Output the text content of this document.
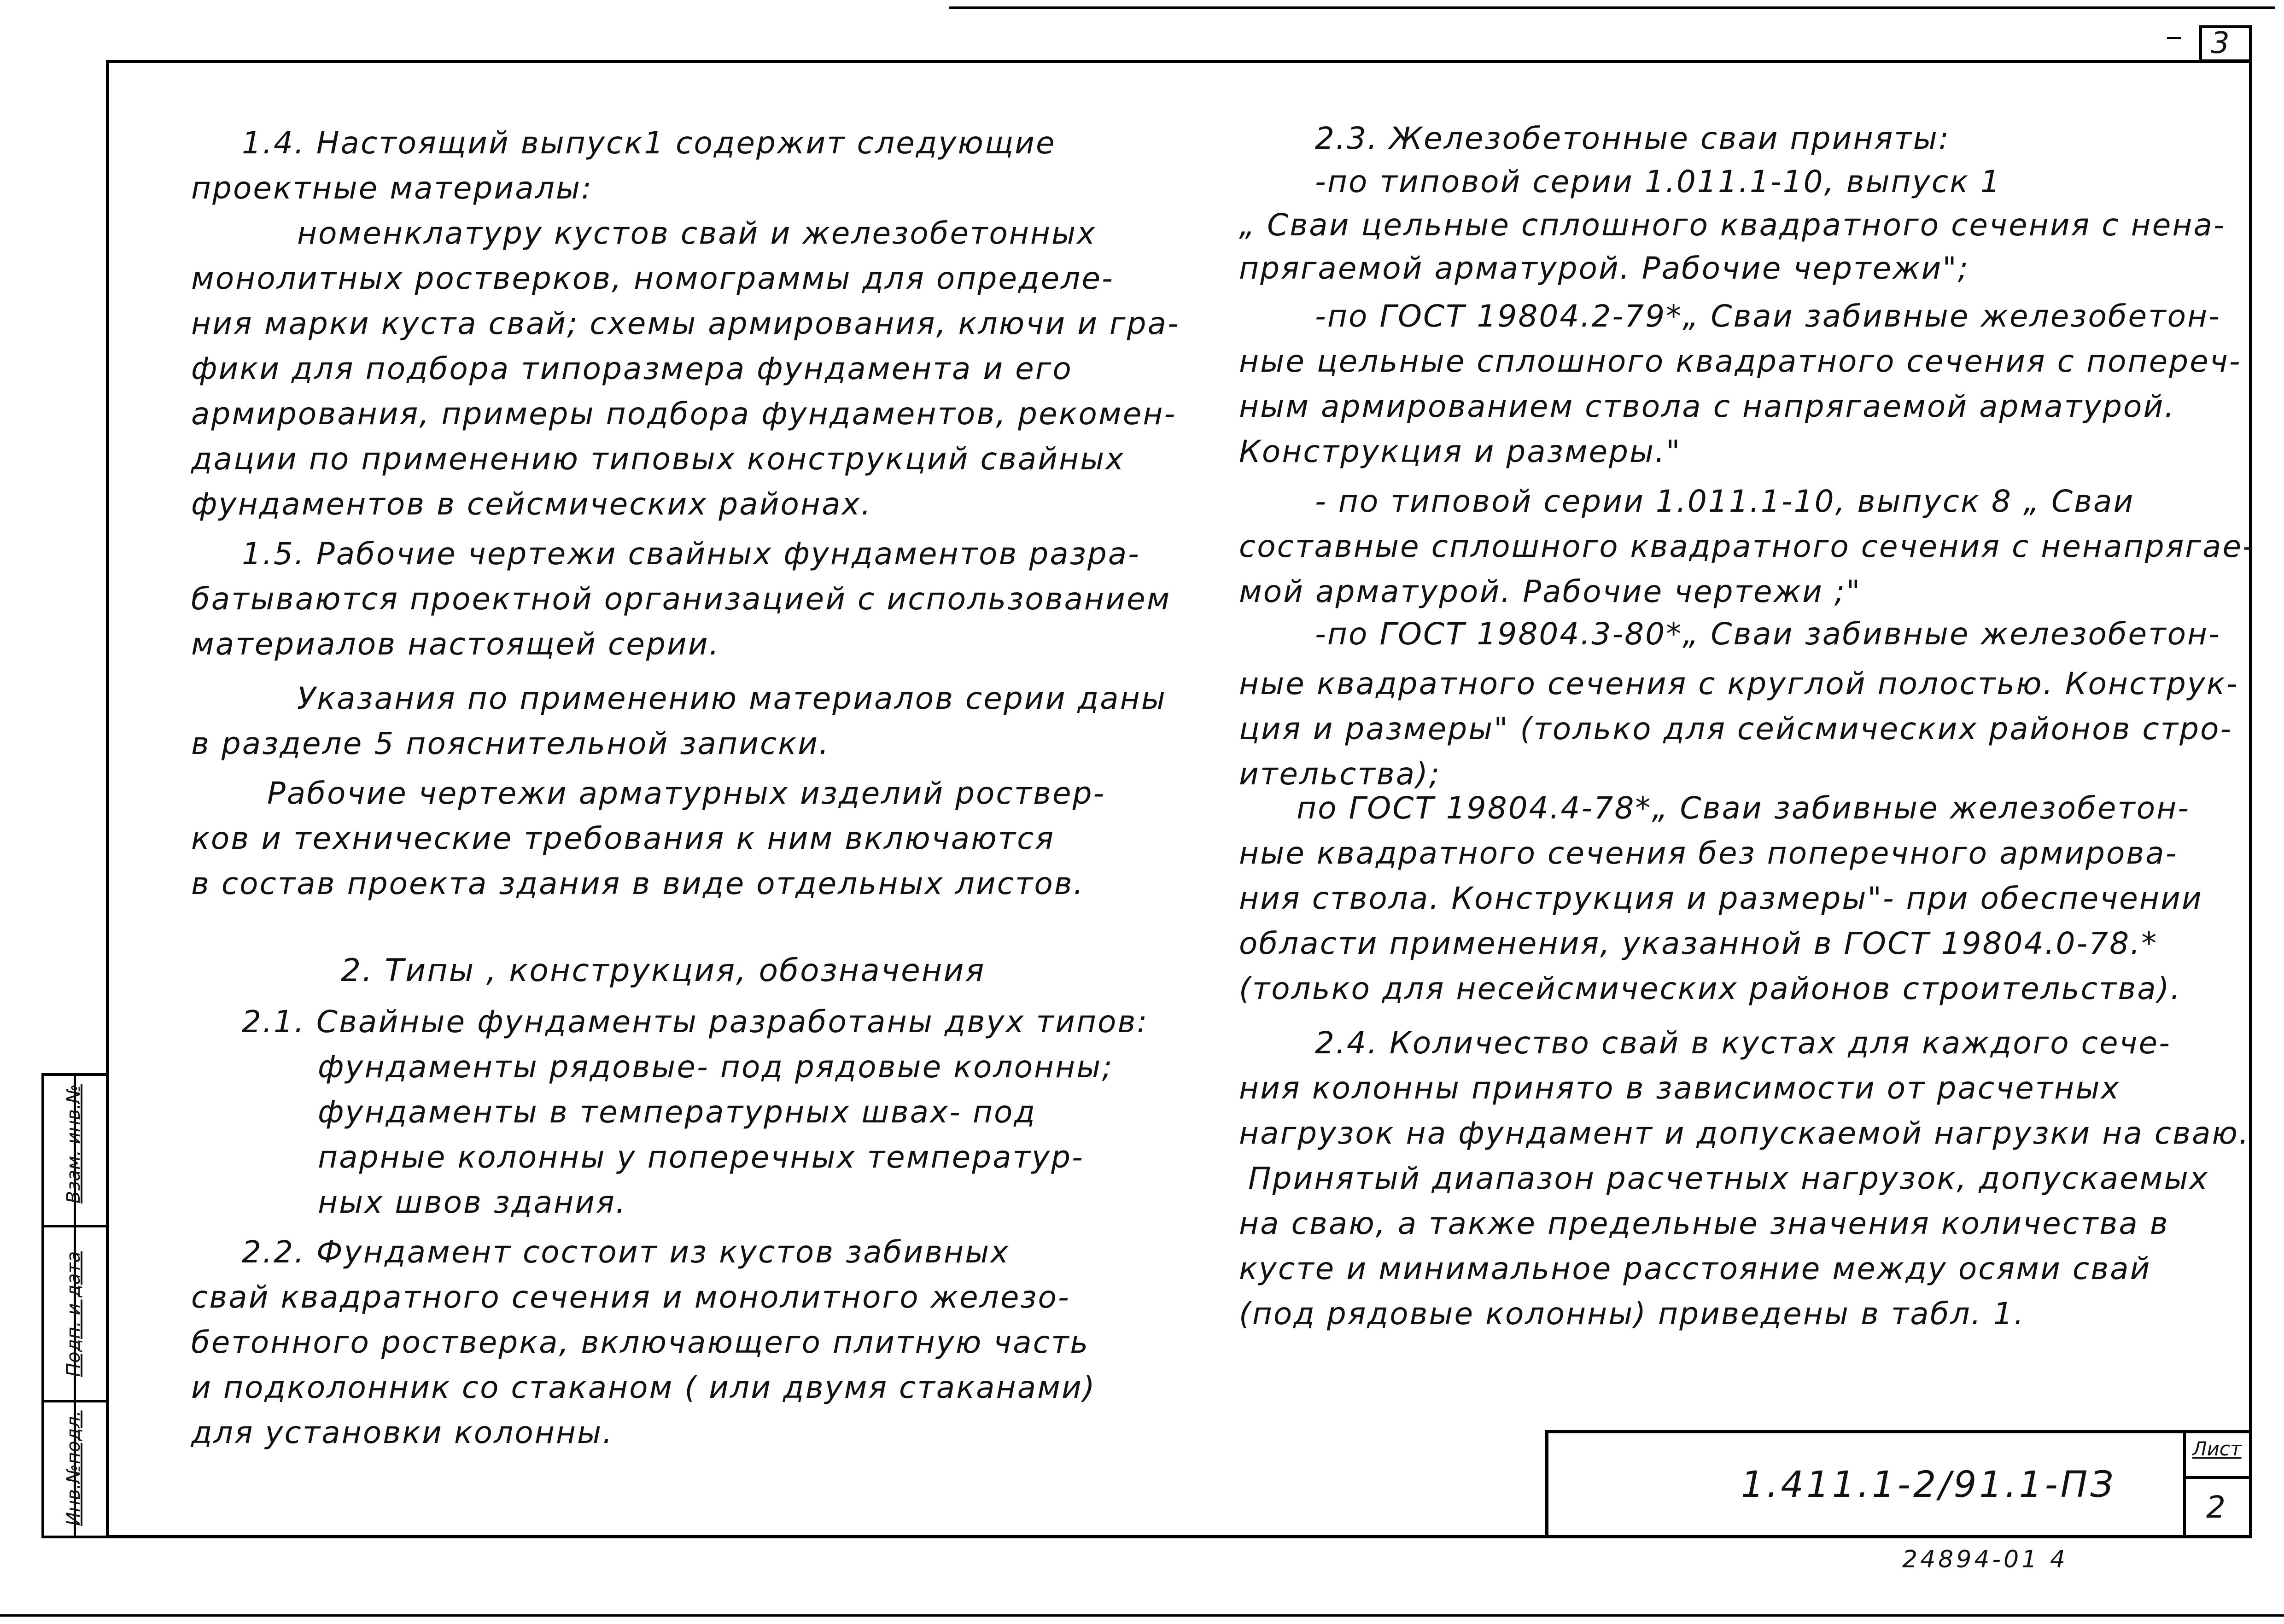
3
Взам. инв.№
Подп. и дата
Инв.№подл.	Лист
2
1.411.1-2/91.1-ПЗ
24894-01 4
1.4. Настоящий выпуск1 содержит следующие
проектные материалы:
номенклатуру кустов свай и железобетонных
монолитных ростверков, номограммы для определе-
ния марки куста свай; схемы армирования, ключи и гра-
фики для подбора типоразмера фундамента и его
армирования, примеры подбора фундаментов, рекомен-
дации по применению типовых конструкций свайных
фундаментов в сейсмических районах.
1.5. Рабочие чертежи свайных фундаментов разра-
батываются проектной организацией с использованием
материалов настоящей серии.
Указания по применению материалов серии даны
в разделе 5 пояснительной записки.
Рабочие чертежи арматурных изделий роствер-
ков и технические требования к ним включаются
в состав проекта здания в виде отдельных листов.
2. Типы , конструкция, обозначения
2.1. Свайные фундаменты разработаны двух типов:
фундаменты рядовые- под рядовые колонны;
фундаменты в температурных швах- под
парные колонны у поперечных температур-
ных швов здания.
2.2. Фундамент состоит из кустов забивных
свай квадратного сечения и монолитного железо-
бетонного ростверка, включающего плитную часть
и подколонник со стаканом ( или двумя стаканами)
для установки колонны.
2.3. Железобетонные сваи приняты:
-по типовой серии 1.011.1-10, выпуск 1
„ Сваи цельные сплошного квадратного сечения с нена-
прягаемой арматурой. Рабочие чертежи";
-по ГОСТ 19804.2-79*„ Сваи забивные железобетон-
ные цельные сплошного квадратного сечения с попереч-
ным армированием ствола с напрягаемой арматурой.
Конструкция и размеры."
- по типовой серии 1.011.1-10, выпуск 8 „ Сваи
составные сплошного квадратного сечения с ненапрягае-
мой арматурой. Рабочие чертежи ;"
-по ГОСТ 19804.3-80*„ Сваи забивные железобетон-
ные квадратного сечения с круглой полостью. Конструк-
ция и размеры" (только для сейсмических районов стро-
ительства);
по ГОСТ 19804.4-78*„ Сваи забивные железобетон-
ные квадратного сечения без поперечного армирова-
ния ствола. Конструкция и размеры"- при обеспечении
области применения, указанной в ГОСТ 19804.0-78.*
(только для несейсмических районов строительства).
2.4. Количество свай в кустах для каждого сече-
ния колонны принято в зависимости от расчетных
нагрузок на фундамент и допускаемой нагрузки на сваю.
Принятый диапазон расчетных нагрузок, допускаемых
на сваю, а также предельные значения количества в
кусте и минимальное расстояние между осями свай
(под рядовые колонны) приведены в табл. 1.
